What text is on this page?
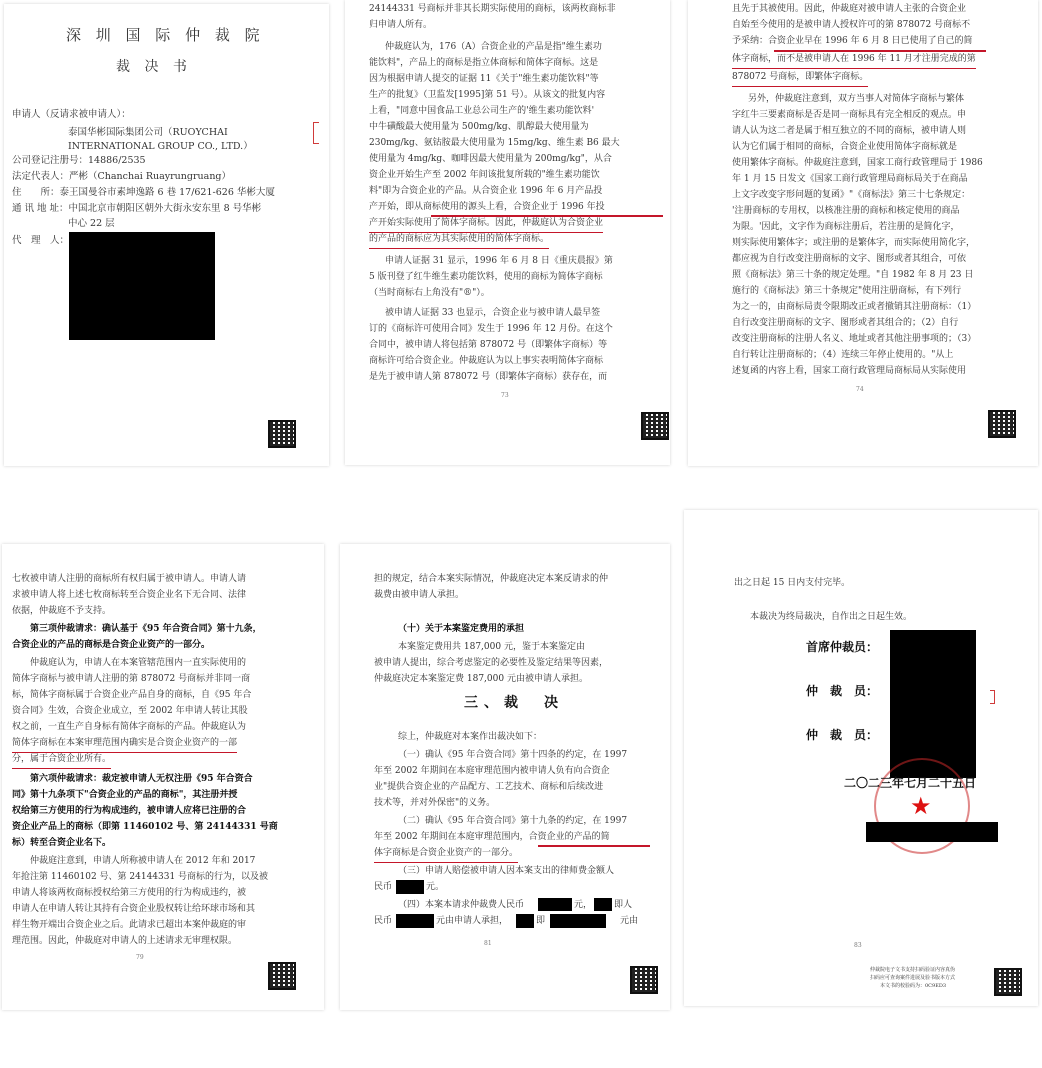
深 圳 国 际 仲 裁 院
裁 决 书
申请人（反请求被申请人）：
泰国华彬国际集团公司（RUOYCHAI
INTERNATIONAL GROUP CO., LTD.）
公司登记注册号：14886/2535
法定代表人：严彬（Chanchai Ruayrungruang）
住　　所：泰王国曼谷市素坤逸路 6 巷 17/621-626 华彬大厦
通 讯 地 址：中国北京市朝阳区朝外大街永安东里 8 号华彬
中心 22 层
代　理　人：
24144331 号商标并非其长期实际使用的商标，该两枚商标非
归申请人所有。
仲裁庭认为，176（A）合资企业的产品是指"维生素功
能饮料"，产品上的商标是指立体商标和简体字商标。这是
因为根据申请人提交的证据 11《关于"维生素功能饮料"等
生产的批复》（卫监发[1995]第 51 号）。从该文的批复内容
上看，"同意中国食品工业总公司生产的'维生素功能饮料'
中牛磺酸最大使用量为 500mg/kg、肌醇最大使用量为
230mg/kg、氨钴胺最大使用量为 15mg/kg、维生素 B6 最大
使用量为 4mg/kg、咖啡因最大使用量为 200mg/kg"，从合
资企业开始生产至 2002 年间该批复所载的"维生素功能饮
料"即为合资企业的产品。从合资企业 1996 年 6 月产品投
产开始，即从商标使用的源头上看，合资企业于 1996 年投
产开始实际使用了简体字商标。因此，仲裁庭认为合资企业
的产品的商标应为其实际使用的简体字商标。
申请人证据 31 显示，1996 年 6 月 8 日《重庆晨报》第
5 版刊登了红牛维生素功能饮料，使用的商标为简体字商标
（当时商标右上角没有"®"）。
被申请人证据 33 也显示，合资企业与被申请人最早签
订的《商标许可使用合同》发生于 1996 年 12 月份。在这个
合同中，被申请人将包括第 878072 号（即繁体字商标）等
商标许可给合资企业。仲裁庭认为以上事实表明简体字商标
是先于被申请人第 878072 号（即繁体字商标）获存在，而
73
且先于其被使用。因此，仲裁庭对被申请人主张的合资企业
自始至今使用的是被申请人授权许可的第 878072 号商标不
予采纳：合资企业早在 1996 年 6 月 8 日已使用了自己的简
体字商标，而不是被申请人在 1996 年 11 月才注册完成的第
878072 号商标，即繁体字商标。
另外，仲裁庭注意到，双方当事人对简体字商标与繁体
字红牛三要素商标是否是同一商标具有完全相反的观点。申
请人认为这二者是属于相互独立的不同的商标，被申请人则
认为它们属于相同的商标，合资企业使用简体字商标就是
使用繁体字商标。仲裁庭注意到，国家工商行政管理局于 1986
年 1 月 15 日发文《国家工商行政管理局商标局关于在商品
上文字改变字形问题的复函》"《商标法》第三十七条规定：
'注册商标的专用权，以核准注册的商标和核定使用的商品
为限。'因此，文字作为商标注册后，若注册的是简化字，
则实际使用繁体字；或注册的是繁体字，而实际使用简化字，
都应视为自行改变注册商标的文字、图形或者其组合，可依
照《商标法》第三十条的规定处理。"自 1982 年 8 月 23 日
施行的《商标法》第三十条规定"使用注册商标，有下列行
为之一的，由商标局责令限期改正或者撤销其注册商标：（1）
自行改变注册商标的文字、图形或者其组合的；（2）自行
改变注册商标的注册人名义、地址或者其他注册事项的；（3）
自行转让注册商标的；（4）连续三年停止使用的。"从上
述复函的内容上看，国家工商行政管理局商标局从实际使用
74
七枚被申请人注册的商标所有权归属于被申请人。申请人请
求被申请人将上述七枚商标转至合资企业名下无合同、法律
依据，仲裁庭不予支持。
第三项仲裁请求：确认基于《95 年合资合同》第十九条，
合资企业的产品的商标是合资企业资产的一部分。
仲裁庭认为，申请人在本案管辖范围内一直实际使用的
简体字商标与被申请人注册的第 878072 号商标并非同一商
标，简体字商标属于合资企业产品自身的商标，自《95 年合
资合同》生效，合资企业成立，至 2002 年申请人转让其股
权之前，一直生产自身标有简体字商标的产品。仲裁庭认为
简体字商标在本案审理范围内确实是合资企业资产的一部
分，属于合资企业所有。
第六项仲裁请求：裁定被申请人无权注册《95 年合资合
同》第十九条项下"合资企业的产品的商标"，其注册并授
权给第三方使用的行为构成违约，被申请人应将已注册的合
资企业产品上的商标（即第 11460102 号、第 24144331 号商
标）转至合资企业名下。
仲裁庭注意到，申请人所称被申请人在 2012 年和 2017
年抢注第 11460102 号、第 24144331 号商标的行为，以及被
申请人将该两枚商标授权给第三方使用的行为构成违约，被
申请人在申请人转让其持有合资企业股权转让给环球市场和其
样生物开端出合资企业之后。此请求已超出本案仲裁庭的审
理范围。因此，仲裁庭对申请人的上述请求无审理权限。
79
担的规定，结合本案实际情况，仲裁庭决定本案反请求的仲
裁费由被申请人承担。
（十）关于本案鉴定费用的承担
本案鉴定费用共 187,000 元，鉴于本案鉴定由
被申请人提出，综合考虑鉴定的必要性及鉴定结果等因素，
仲裁庭决定本案鉴定费 187,000 元由被申请人承担。
三、裁　决
综上，仲裁庭对本案作出裁决如下：
（一）确认《95 年合资合同》第十四条的约定，在 1997
年至 2002 年期间在本庭审理范围内被申请人负有向合资企
业"提供合资企业的产品配方、工艺技术、商标和后续改进
技术等，并对外保密"的义务。
（二）确认《95 年合资合同》第十九条的约定，在 1997
年至 2002 年期间在本庭审理范围内，合资企业的产品的简
体字商标是合资企业资产的一部分。
（三）申请人赔偿被申请人因本案支出的律师费金额人
民币	元。
（四）本案本请求仲裁费人民币	元， 即人
民币	元由申请人承担，	即	元由
81
出之日起 15 日内支付完毕。
本裁决为终局裁决，自作出之日起生效。
首席仲裁员：
仲　裁　员：
仲　裁　员：
★
二〇二三年七月二十五日
83
仲裁院电子文书支持扫码验证内容真伪
扫码应可查询案件进展及验书版本方式
本文书的校验码为：0C9ED3
